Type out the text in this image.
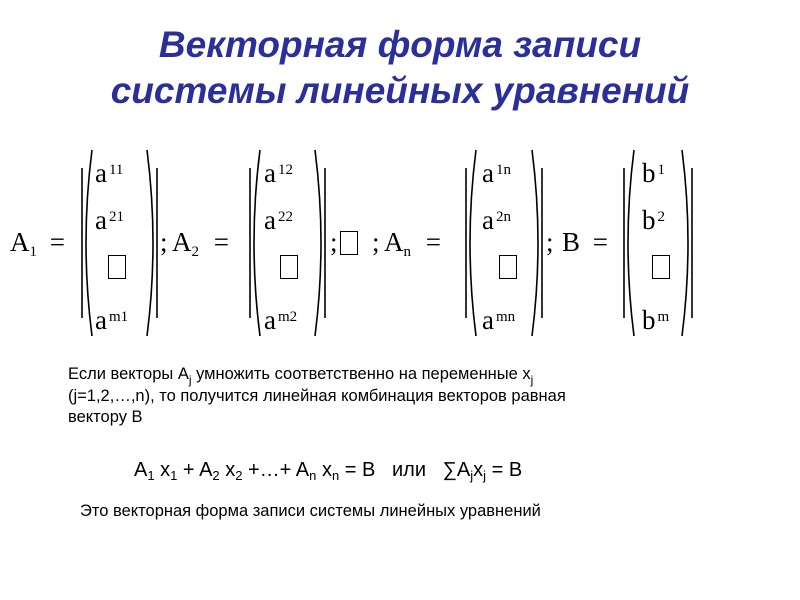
Векторная форма записи
системы линейных уравнений
$A_1$ =
a $_{11}$
a $_{21}$
a $_{m1}$
; $A_2$ =
a $_{12}$
a $_{22}$
a $_{m2}$
; ; $A_n$ =
a $_{1n}$
a $_{2n}$
a $_{mn}$
; B =
b $_1$
b $_2$
b $_m$
Если векторы $A_j$ умножить соответственно на переменные $x_j$
(j=1,2,…,n), то получится линейная комбинация векторов равная
вектору B
$A_1$ $x_1 + A_2$ $x_2$ +…+ $A_n$ $x_n = B$   или   $\sum A_jx_j = B$
Это векторная форма записи системы линейных уравнений
